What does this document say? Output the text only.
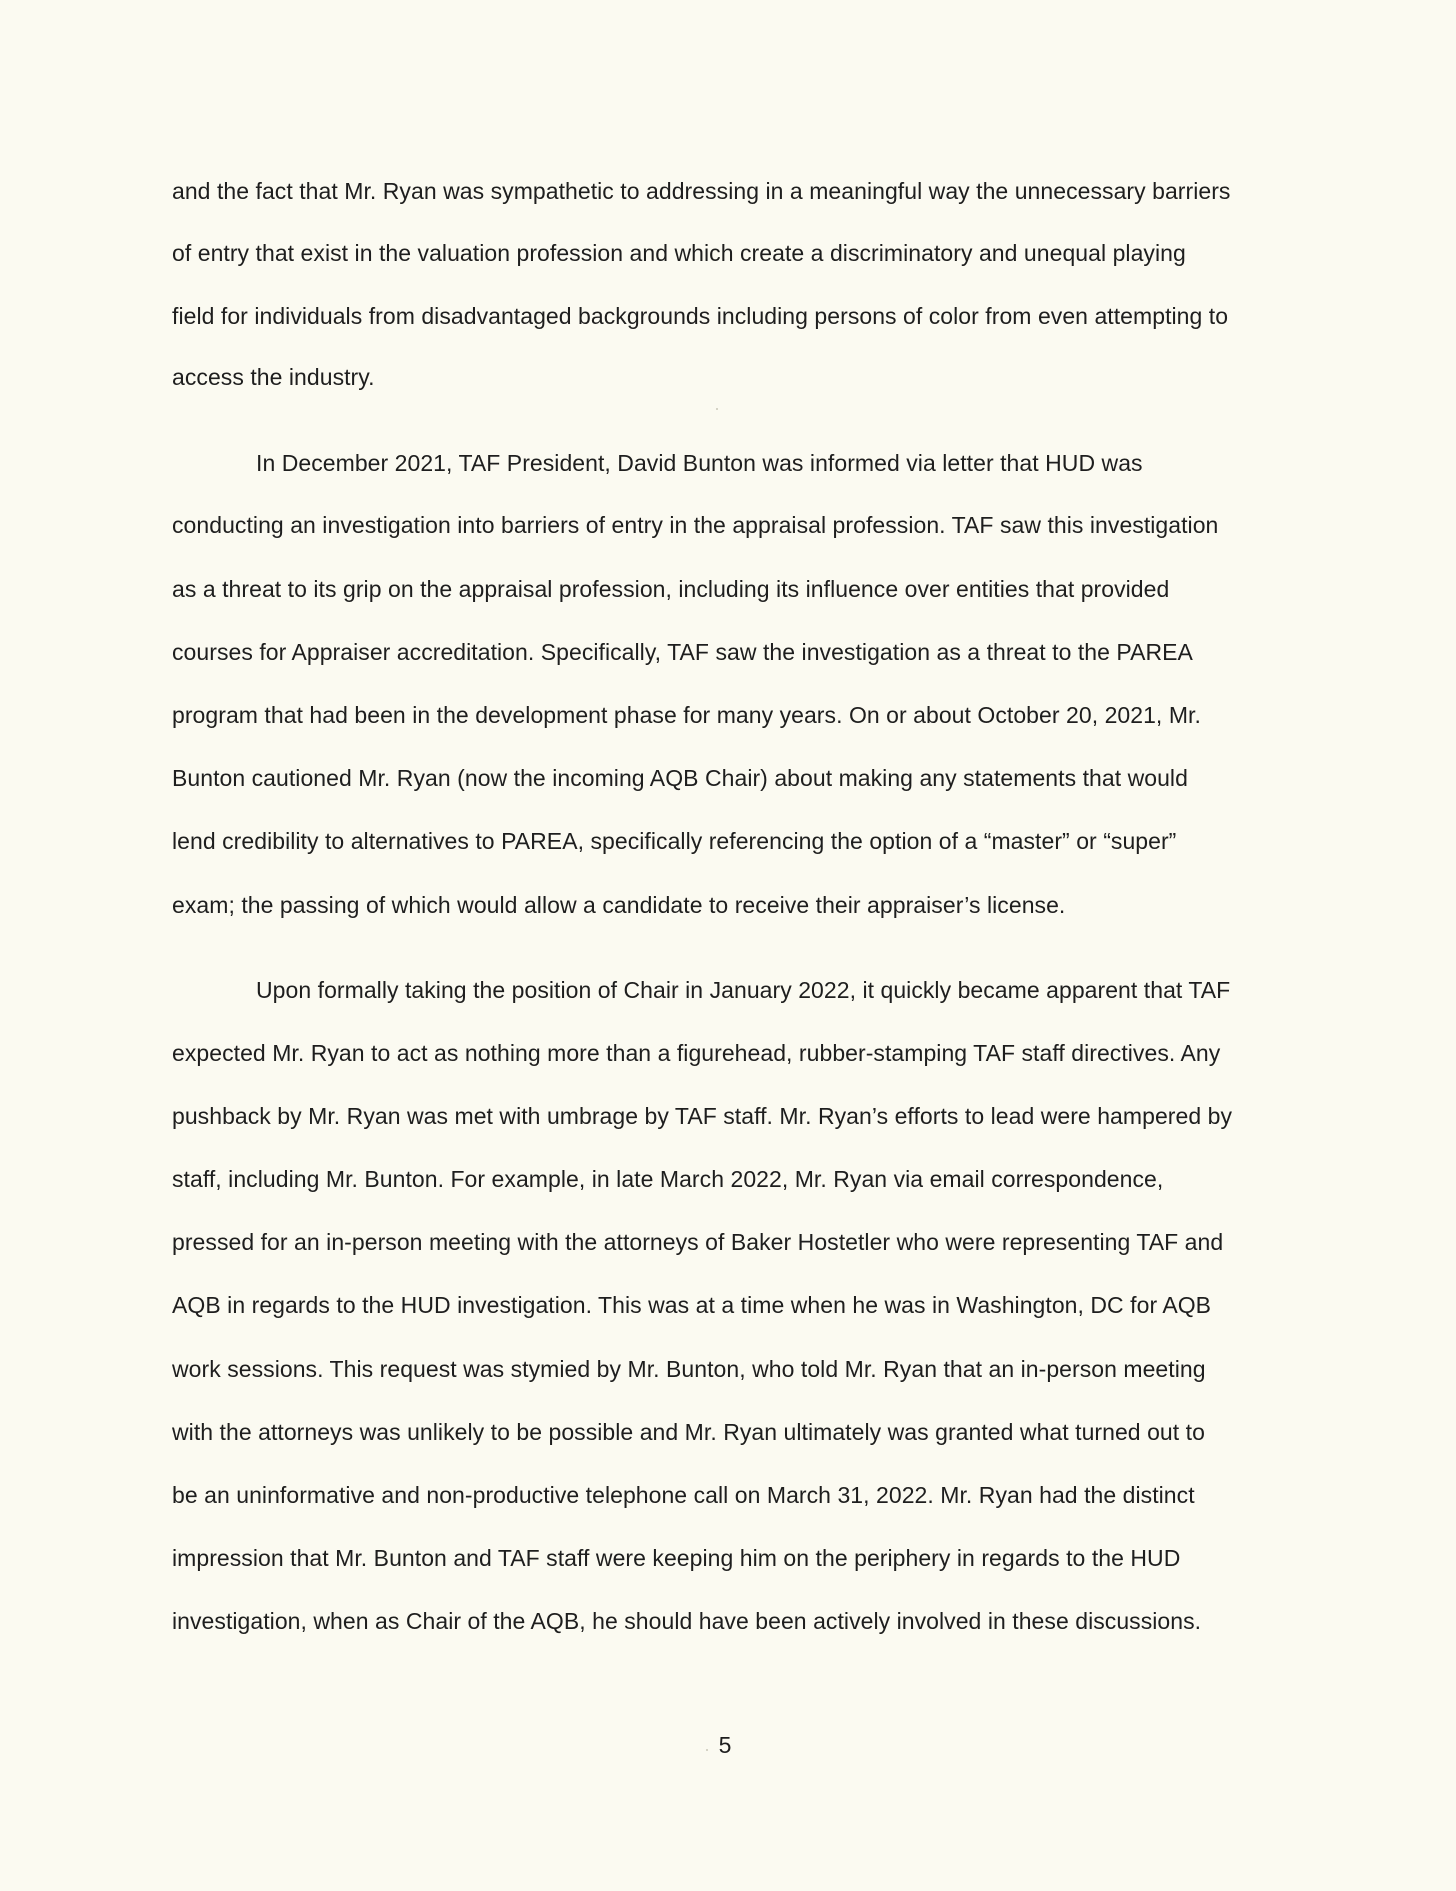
and the fact that Mr. Ryan was sympathetic to addressing in a meaningful way the unnecessary barriers
of entry that exist in the valuation profession and which create a discriminatory and unequal playing
field for individuals from disadvantaged backgrounds including persons of color from even attempting to
access the industry.
In December 2021, TAF President, David Bunton was informed via letter that HUD was
conducting an investigation into barriers of entry in the appraisal profession. TAF saw this investigation
as a threat to its grip on the appraisal profession, including its influence over entities that provided
courses for Appraiser accreditation. Specifically, TAF saw the investigation as a threat to the PAREA
program that had been in the development phase for many years. On or about October 20, 2021, Mr.
Bunton cautioned Mr. Ryan (now the incoming AQB Chair) about making any statements that would
lend credibility to alternatives to PAREA, specifically referencing the option of a “master” or “super”
exam; the passing of which would allow a candidate to receive their appraiser’s license.
Upon formally taking the position of Chair in January 2022, it quickly became apparent that TAF
expected Mr. Ryan to act as nothing more than a figurehead, rubber-stamping TAF staff directives. Any
pushback by Mr. Ryan was met with umbrage by TAF staff. Mr. Ryan’s efforts to lead were hampered by
staff, including Mr. Bunton. For example, in late March 2022, Mr. Ryan via email correspondence,
pressed for an in-person meeting with the attorneys of Baker Hostetler who were representing TAF and
AQB in regards to the HUD investigation. This was at a time when he was in Washington, DC for AQB
work sessions. This request was stymied by Mr. Bunton, who told Mr. Ryan that an in-person meeting
with the attorneys was unlikely to be possible and Mr. Ryan ultimately was granted what turned out to
be an uninformative and non-productive telephone call on March 31, 2022. Mr. Ryan had the distinct
impression that Mr. Bunton and TAF staff were keeping him on the periphery in regards to the HUD
investigation, when as Chair of the AQB, he should have been actively involved in these discussions.
5
